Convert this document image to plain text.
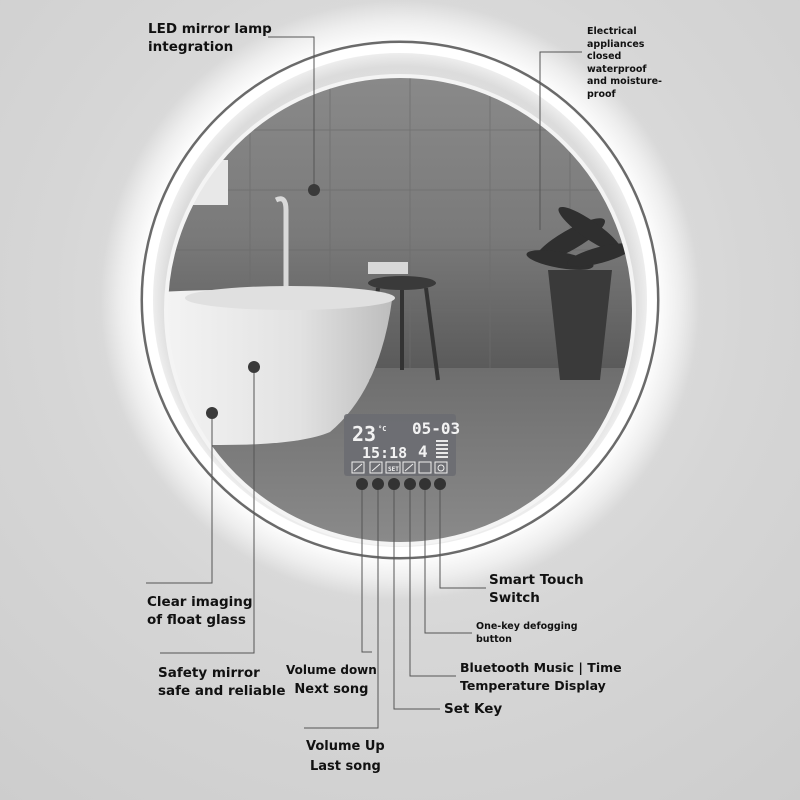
23 °C 05-03
15:18 4
SET
LED mirror lamp
integration
Electrical
appliances
closed
waterproof
and moisture-
proof
Clear imaging
of float glass
Safety mirror
safe and reliable
Volume down
Next song
Volume Up
Last song
Set Key
Bluetooth Music | Time
Temperature Display
One-key defogging
button
Smart Touch
Switch
